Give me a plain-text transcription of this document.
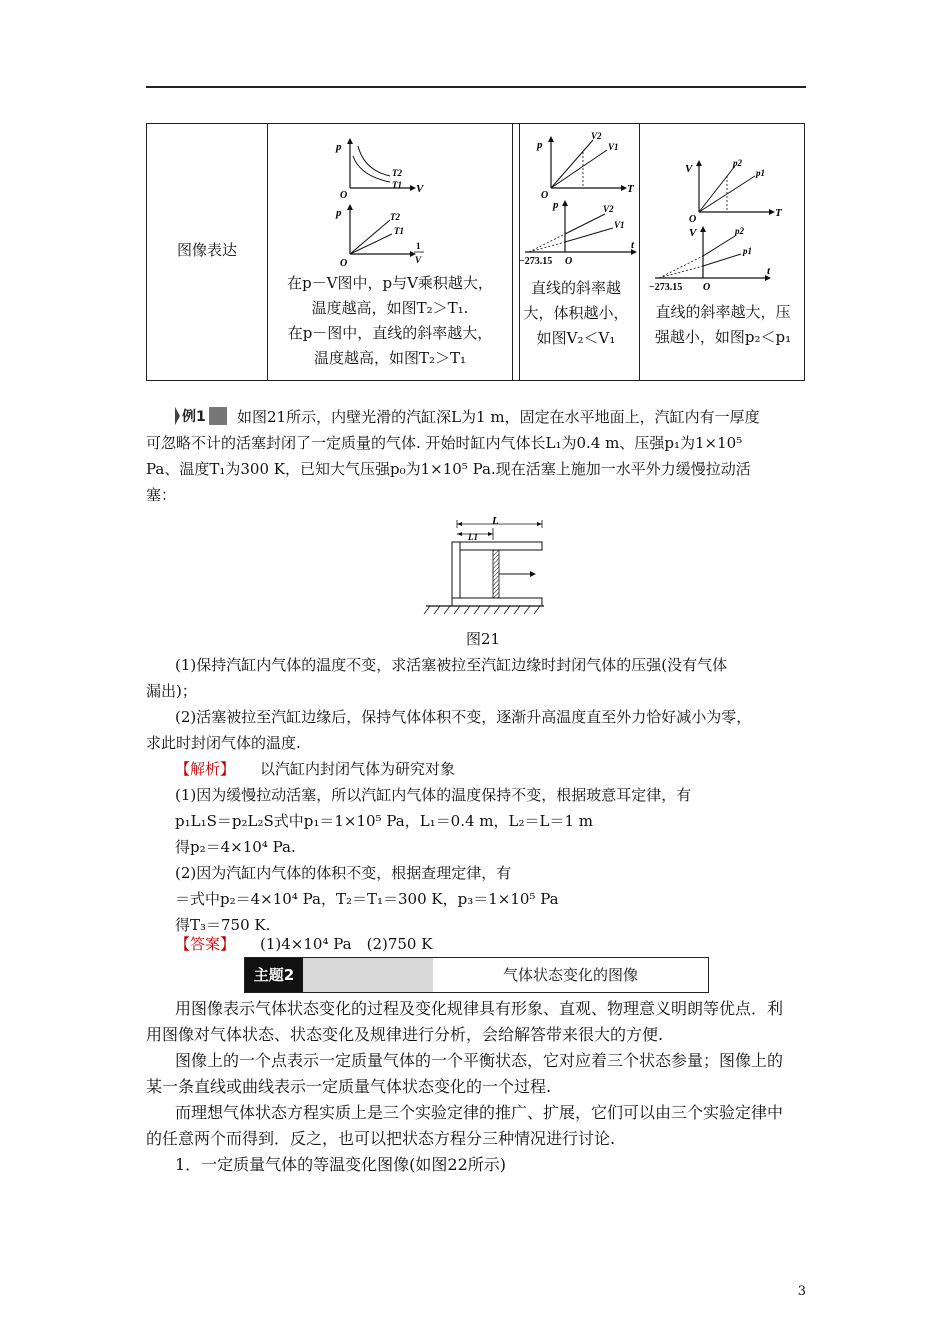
图像表达
p
V
O
T2
T1
p
1
V
O
T2
T1
在p－V图中，p与V乘积越大，
温度越高，如图T₂＞T₁.
在p－图中，直线的斜率越大，
温度越高，如图T₂＞T₁
p
T
O
V2
V1
p
t
−273.15 O
V2
V1
直线的斜率越
大，体积越小，
如图V₂＜V₁
V
T
O
p2
p1
V
t
−273.15 O
p2
p1
直线的斜率越大，压
强越小，如图p₂＜p₁
例1 如图21所示，内壁光滑的汽缸深L为1 m，固定在水平地面上，汽缸内有一厚度
可忽略不计的活塞封闭了一定质量的气体. 开始时缸内气体长L₁为0.4 m、压强p₁为1×10⁵
Pa、温度T₁为300 K，已知大气压强p₀为1×10⁵ Pa.现在活塞上施加一水平外力缓慢拉动活
塞：
L
L1
图21
(1)保持汽缸内气体的温度不变，求活塞被拉至汽缸边缘时封闭气体的压强(没有气体
漏出)；
(2)活塞被拉至汽缸边缘后，保持气体体积不变，逐渐升高温度直至外力恰好减小为零，
求此时封闭气体的温度.
【解析】 以汽缸内封闭气体为研究对象
(1)因为缓慢拉动活塞，所以汽缸内气体的温度保持不变，根据玻意耳定律，有
p₁L₁S＝p₂L₂S式中p₁＝1×10⁵ Pa，L₁＝0.4 m，L₂＝L＝1 m
得p₂＝4×10⁴ Pa.
(2)因为汽缸内气体的体积不变，根据查理定律，有
＝式中p₂＝4×10⁴ Pa，T₂＝T₁＝300 K，p₃＝1×10⁵ Pa
得T₃＝750 K.
【答案】 (1)4×10⁴ Pa　(2)750 K
主题2	气体状态变化的图像
用图像表示气体状态变化的过程及变化规律具有形象、直观、物理意义明朗等优点．利
用图像对气体状态、状态变化及规律进行分析，会给解答带来很大的方便.
图像上的一个点表示一定质量气体的一个平衡状态，它对应着三个状态参量；图像上的
某一条直线或曲线表示一定质量气体状态变化的一个过程.
而理想气体状态方程实质上是三个实验定律的推广、扩展，它们可以由三个实验定律中
的任意两个而得到．反之，也可以把状态方程分三种情况进行讨论.
1．一定质量气体的等温变化图像(如图22所示)
3
